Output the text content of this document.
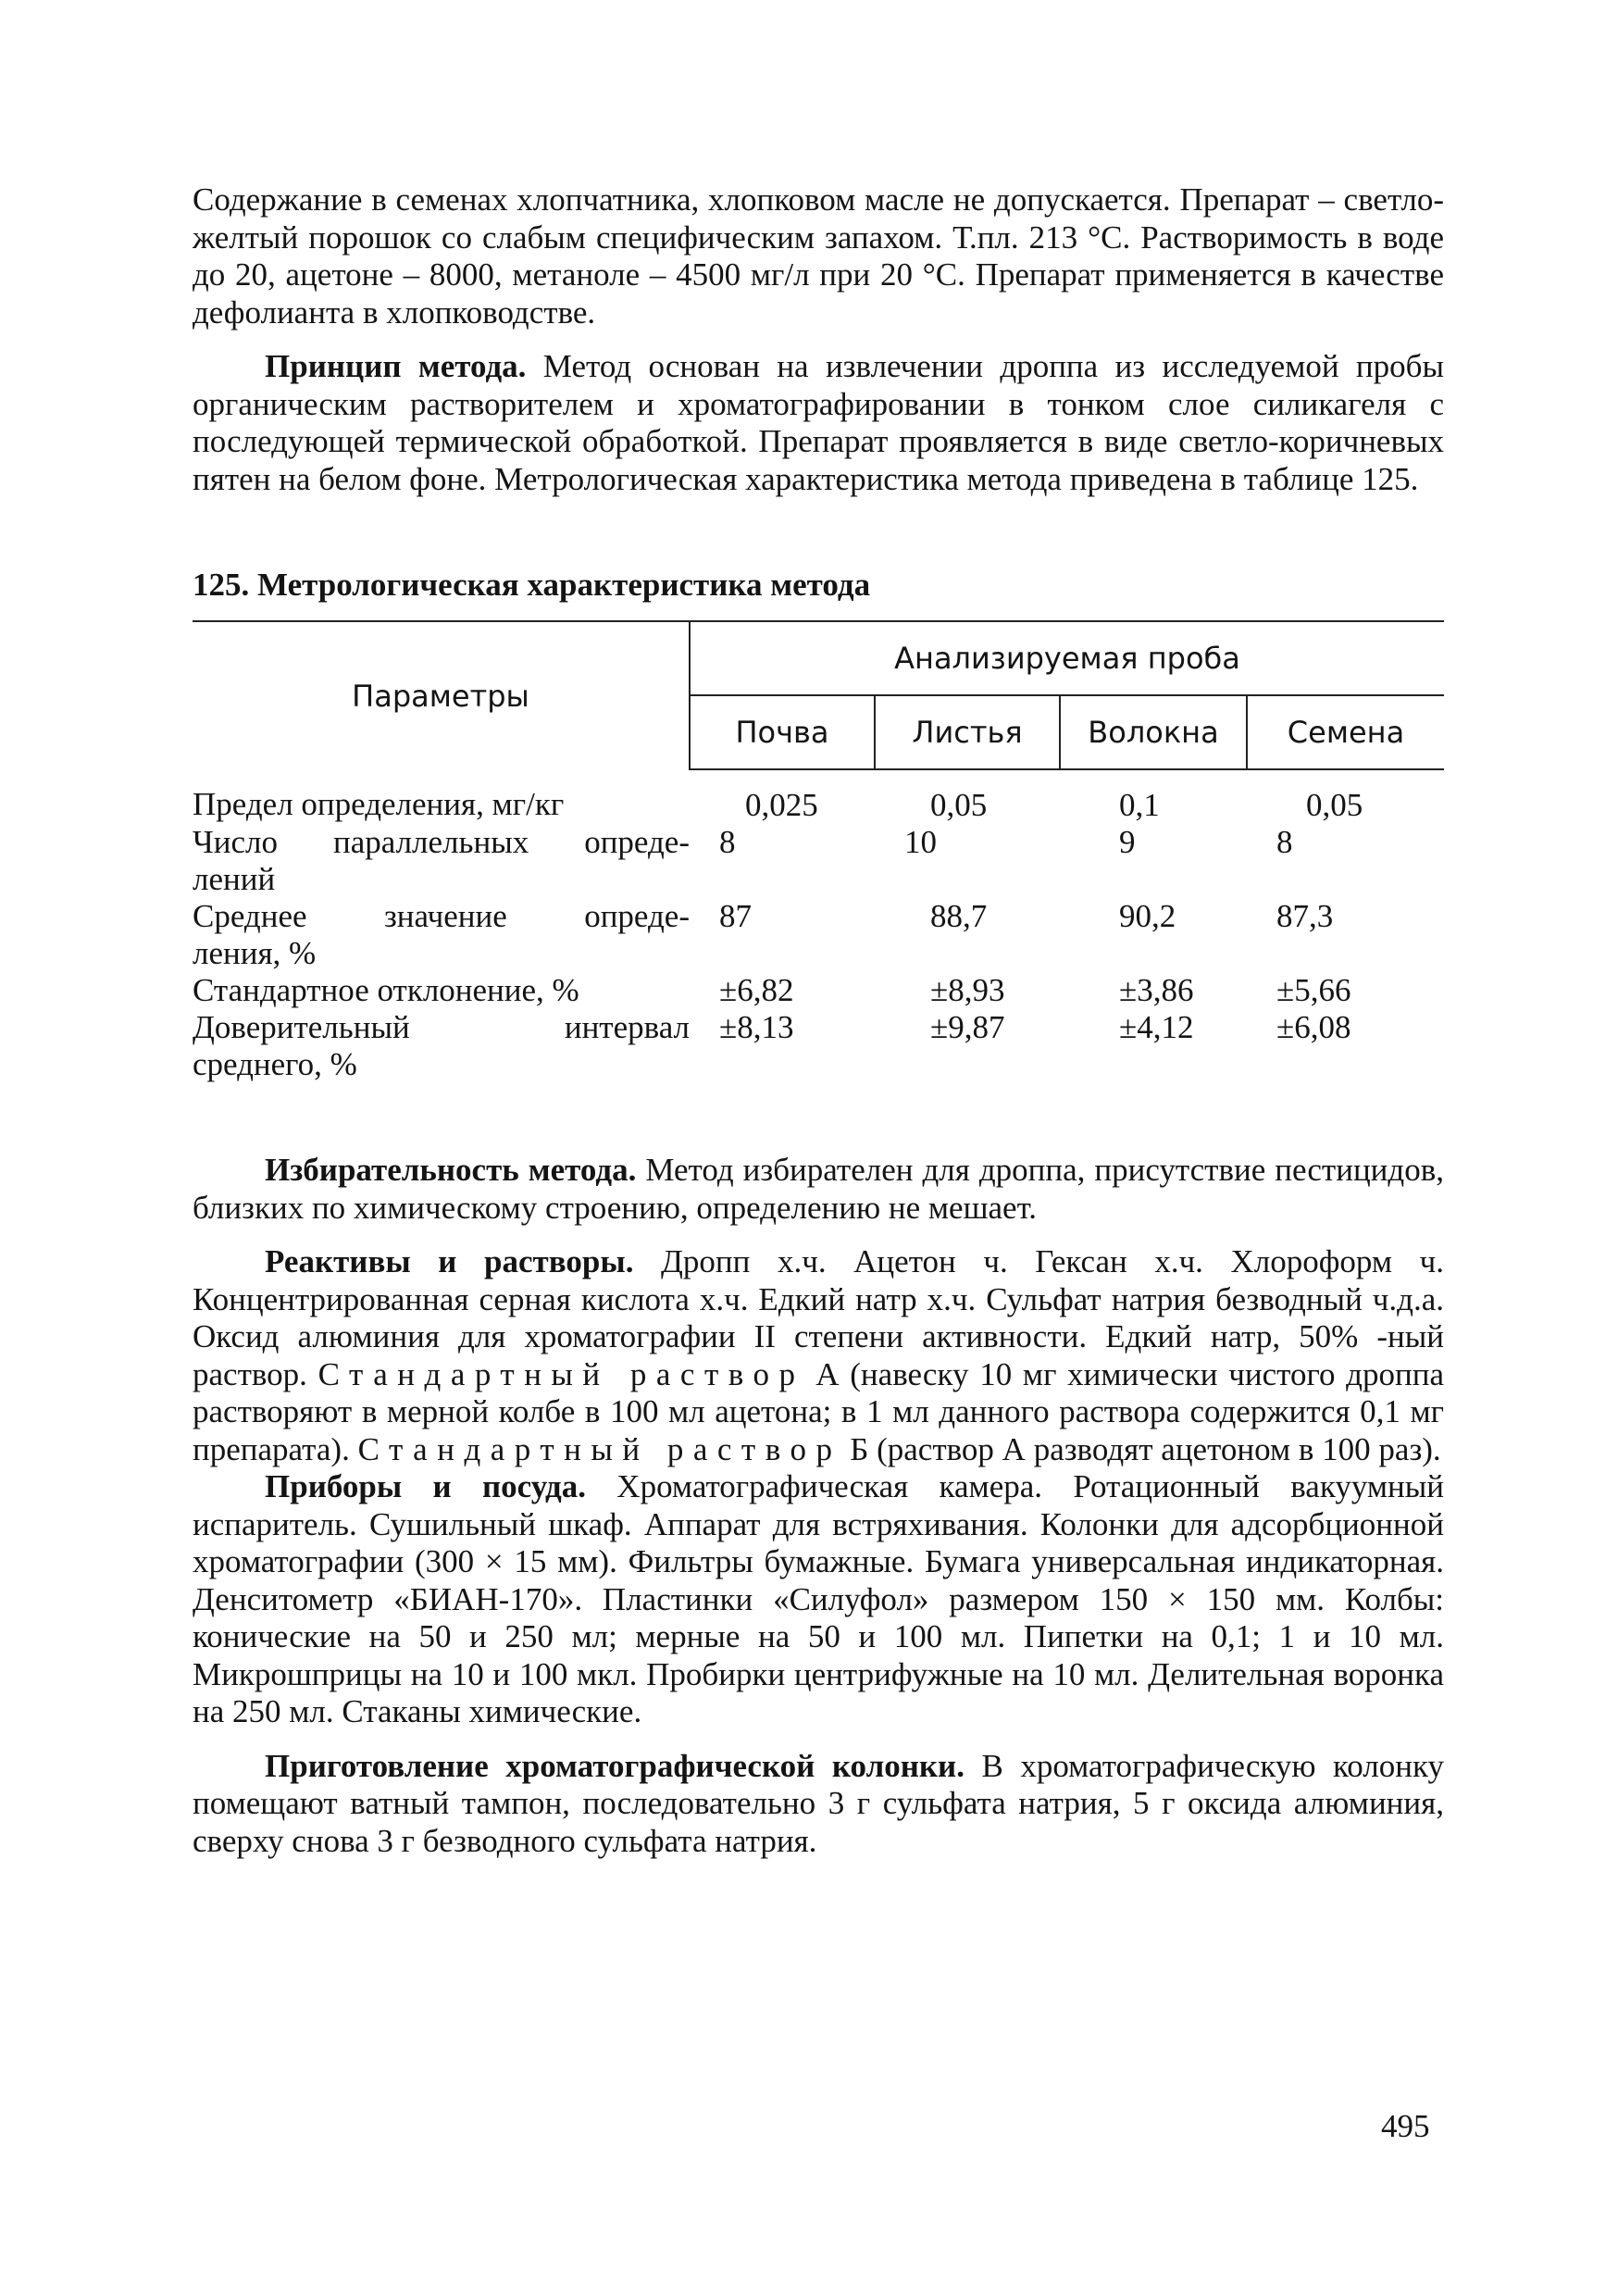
Содержание в семенах хлопчатника, хлопковом масле не допускается. Препарат – светло-желтый порошок со слабым специфическим запахом. Т.пл. 213 °С. Растворимость в воде до 20, ацетоне – 8000, метаноле – 4500 мг/л при 20 °С. Препарат применяется в качестве дефолианта в хлопководстве.

Принцип метода. Метод основан на извлечении дроппа из исследуемой пробы органическим растворителем и хроматографировании в тонком слое силикагеля с последующей термической обработкой. Препарат проявляется в виде светло-коричневых пятен на белом фоне. Метрологическая характеристика метода приведена в таблице 125.

125. Метрологическая характеристика метода
Параметры	Анализируемая проба			
	Почва	Листья	Волокна	Семена

Предел определения, мг/кг	0,025	0,05	0,1	0,05

Число параллельных опреде-
лений	8	10	9	8

Среднее значение опреде-
ления, %	87	88,7	90,2	87,3

Стандартное отклонение, %	±6,82	±8,93	±3,86	±5,66

Доверительный интервал
среднего, %	±8,13	±9,87	±4,12	±6,08

Избирательность метода. Метод избирателен для дроппа, присутствие пестицидов, близких по химическому строению, определению не мешает.

Реактивы и растворы. Дропп х.ч. Ацетон ч. Гексан х.ч. Хлороформ ч. Концентрированная серная кислота х.ч. Едкий натр х.ч. Сульфат натрия безводный ч.д.а. Оксид алюминия для хроматографии II степени активности. Едкий натр, 50% -ный раствор. Стандартный раствор А (навеску 10 мг химически чистого дроппа растворяют в мерной колбе в 100 мл ацетона; в 1 мл данного раствора содержится 0,1 мг препарата). Стандартный раствор Б (раствор А разводят ацетоном в 100 раз).

Приборы и посуда. Хроматографическая камера. Ротационный вакуумный испаритель. Сушильный шкаф. Аппарат для встряхивания. Колонки для адсорбционной хроматографии (300 × 15 мм). Фильтры бумажные. Бумага универсальная индикаторная. Денситометр «БИАН-170». Пластинки «Силуфол» размером 150 × 150 мм. Колбы: конические на 50 и 250 мл; мерные на 50 и 100 мл. Пипетки на 0,1; 1 и 10 мл. Микрошприцы на 10 и 100 мкл. Пробирки центрифужные на 10 мл. Делительная воронка на 250 мл. Стаканы химические.

Приготовление хроматографической колонки. В хроматографическую колонку помещают ватный тампон, последовательно 3 г сульфата натрия, 5 г оксида алюминия, сверху снова 3 г безводного сульфата натрия.

495
